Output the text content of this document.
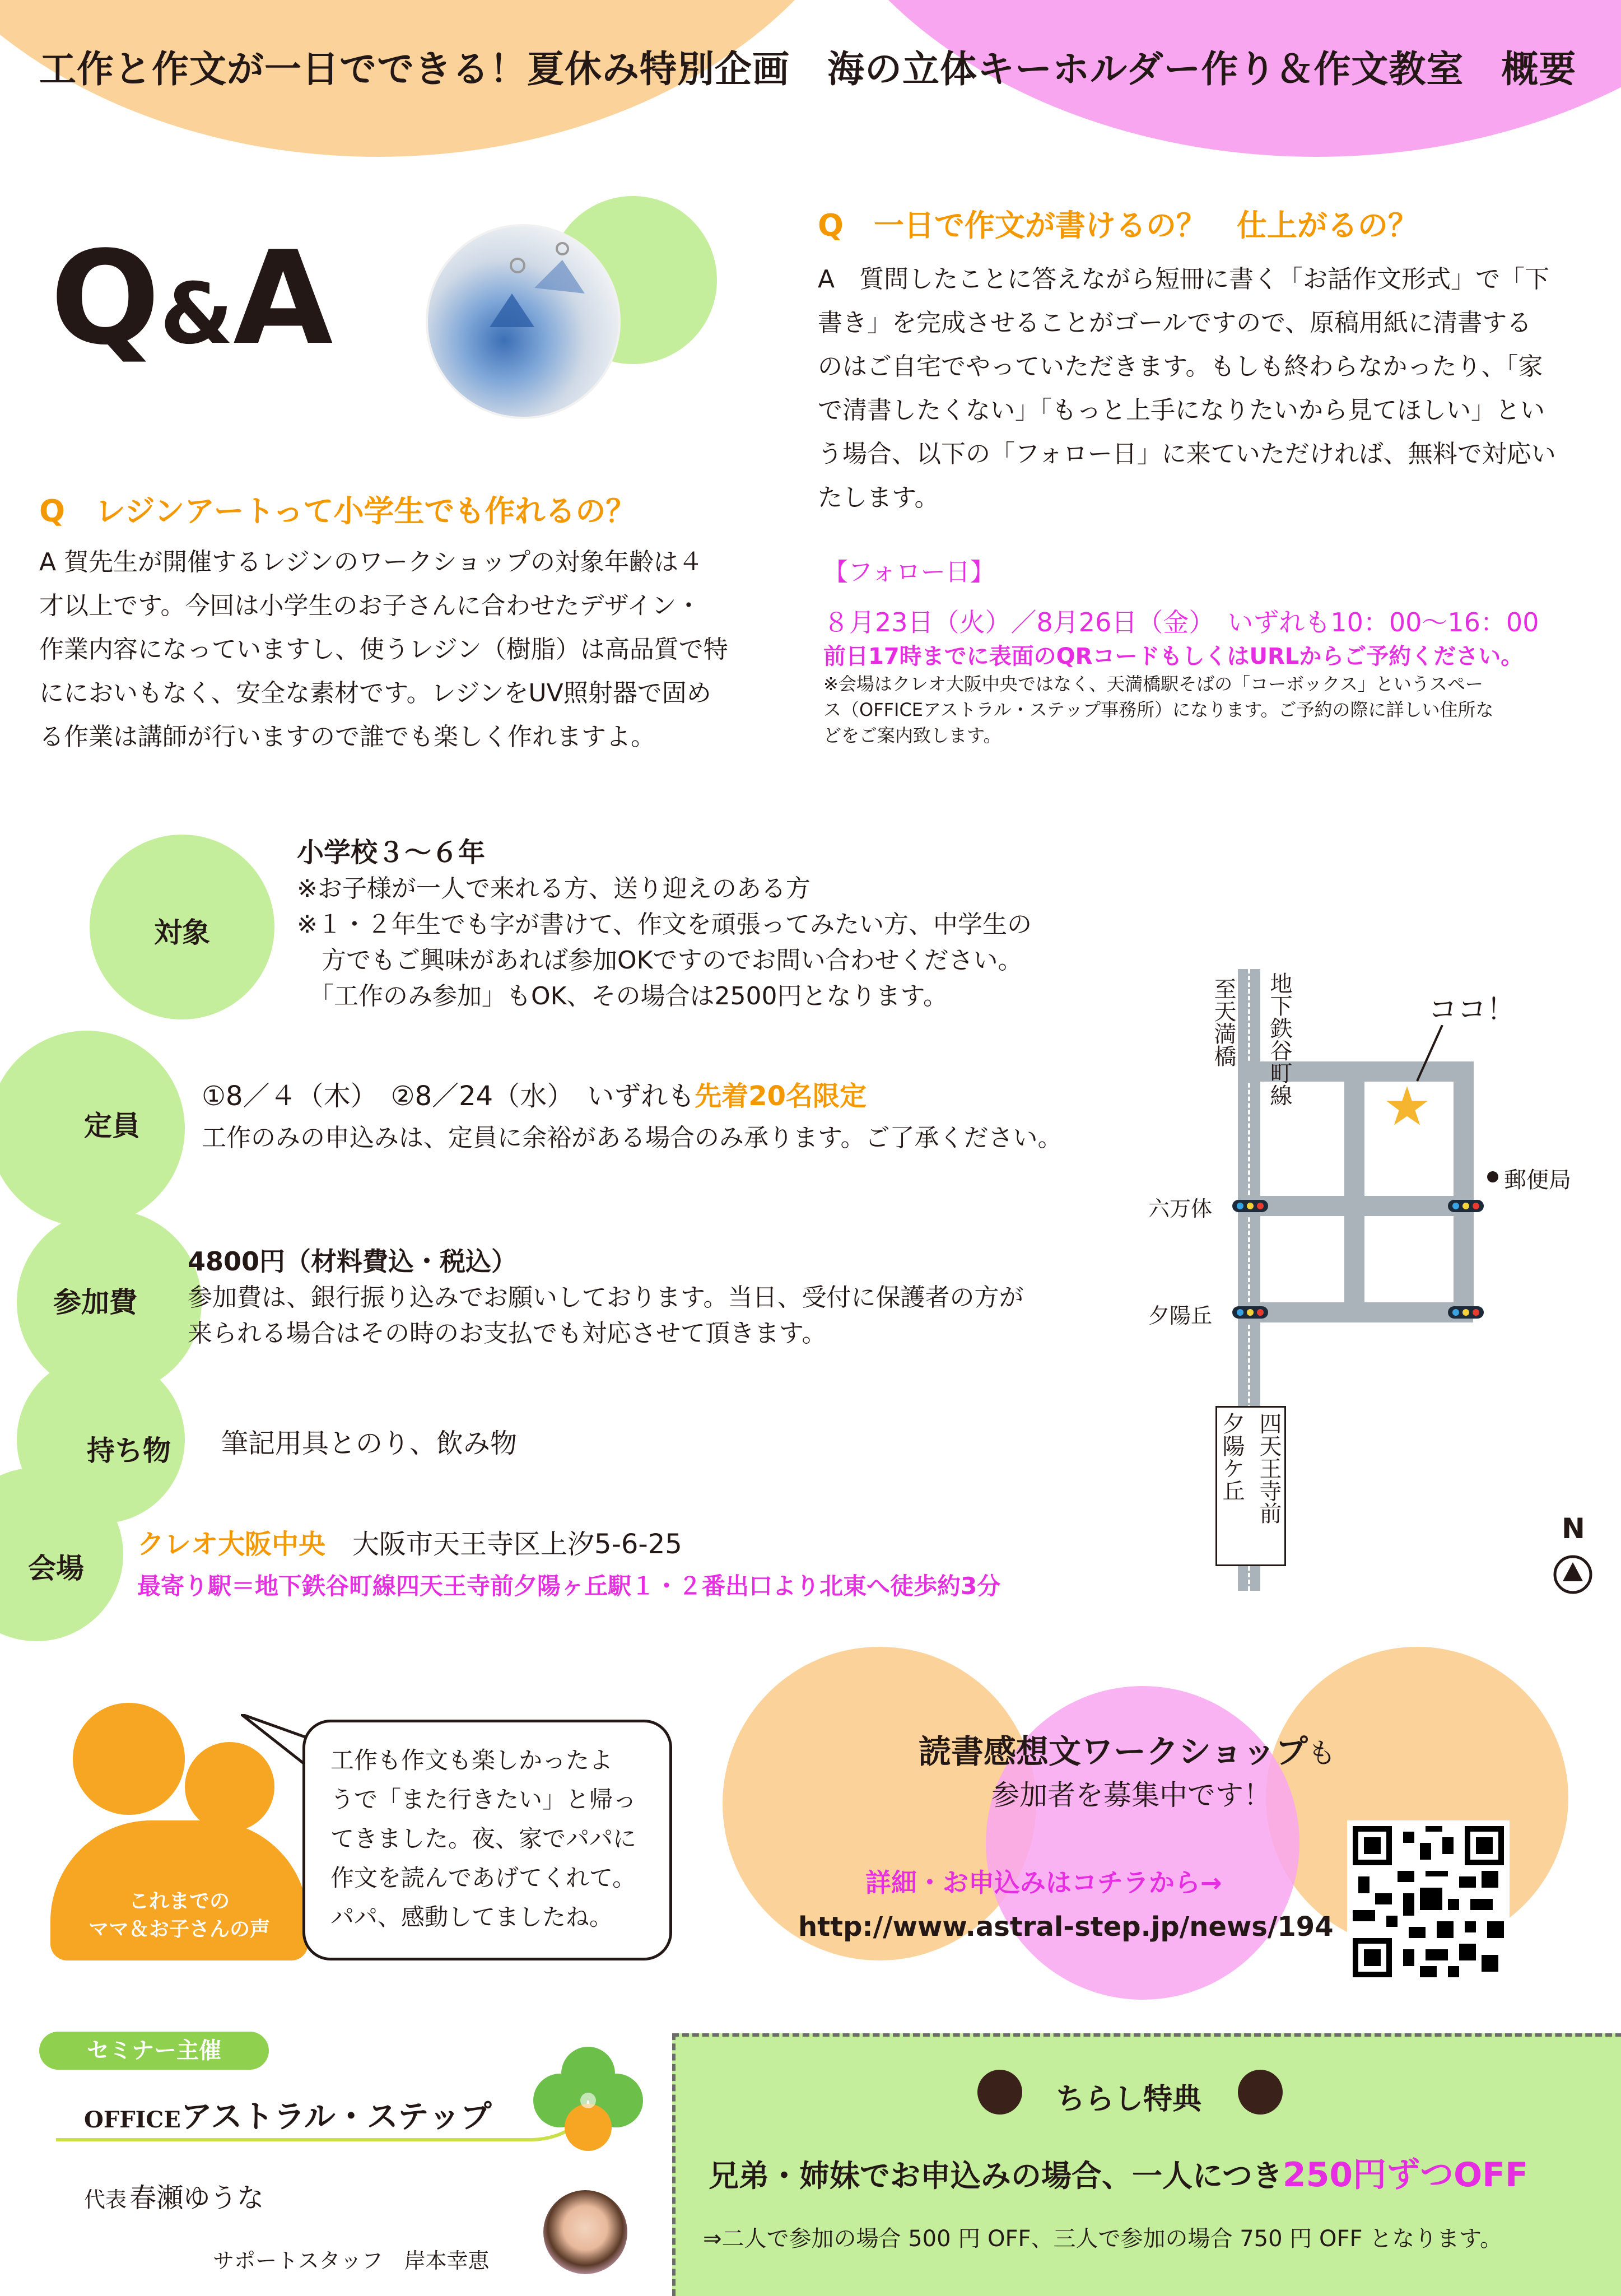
工作と作文が一日でできる！夏休み特別企画　海の立体キーホルダー作り＆作文教室　概要
Q&A
Q　レジンアートって小学生でも作れるの？
A 賀先生が開催するレジンのワークショップの対象年齢は４
才以上です。今回は小学生のお子さんに合わせたデザイン・
作業内容になっていますし、使うレジン（樹脂）は高品質で特
ににおいもなく、安全な素材です。レジンをUV照射器で固め
る作業は講師が行いますので誰でも楽しく作れますよ。
Q　一日で作文が書けるの？　仕上がるの？
A　質問したことに答えながら短冊に書く「お話作文形式」で「下
書き」を完成させることがゴールですので、原稿用紙に清書する
のはご自宅でやっていただきます。もしも終わらなかったり、「家
で清書したくない」「もっと上手になりたいから見てほしい」とい
う場合、以下の「フォロー日」に来ていただければ、無料で対応い
たします。
【フォロー日】
８月23日（火）／8月26日（金）　いずれも10：00〜16：00
前日17時までに表面のQRコードもしくはURLからご予約ください。
※会場はクレオ大阪中央ではなく、天満橋駅そばの「コーボックス」というスペー
ス（OFFICEアストラル・ステップ事務所）になります。ご予約の際に詳しい住所な
どをご案内致します。
対象
定員
参加費
持ち物
会場
小学校３〜６年
※お子様が一人で来れる方、送り迎えのある方
※１・２年生でも字が書けて、作文を頑張ってみたい方、中学生の
　方でもご興味があれば参加OKですのでお問い合わせください。
　「工作のみ参加」もOK、その場合は2500円となります。
①8／４（木）　②8／24（水）　いずれも先着20名限定
工作のみの申込みは、定員に余裕がある場合のみ承ります。ご了承ください。
4800円（材料費込・税込）
参加費は、銀行振り込みでお願いしております。当日、受付に保護者の方が
来られる場合はその時のお支払でも対応させて頂きます。
筆記用具とのり、飲み物
クレオ大阪中央　 大阪市天王寺区上汐5-6-25
最寄り駅＝地下鉄谷町線四天王寺前夕陽ヶ丘駅１・２番出口より北東へ徒歩約3分
至天満橋 地下鉄谷町線	ココ！
郵便局
六万体
夕陽丘
四天王寺前
夕陽ケ丘
N
これまでの
ママ＆お子さんの声
工作も作文も楽しかったよ
うで「また行きたい」と帰っ
てきました。夜、家でパパに
作文を読んであげてくれて。
パパ、感動してましたね。
読書感想文ワークショップも
参加者を募集中です！
詳細・お申込みはコチラから→
http://www.astral-step.jp/news/194
セミナー主催
OFFICEアストラル・ステップ
代表 春瀬ゆうな
サポートスタッフ　岸本幸恵
ちらし特典
兄弟・姉妹でお申込みの場合、一人につき250円ずつOFF
⇒二人で参加の場合 500 円 OFF、三人で参加の場合 750 円 OFF となります。
